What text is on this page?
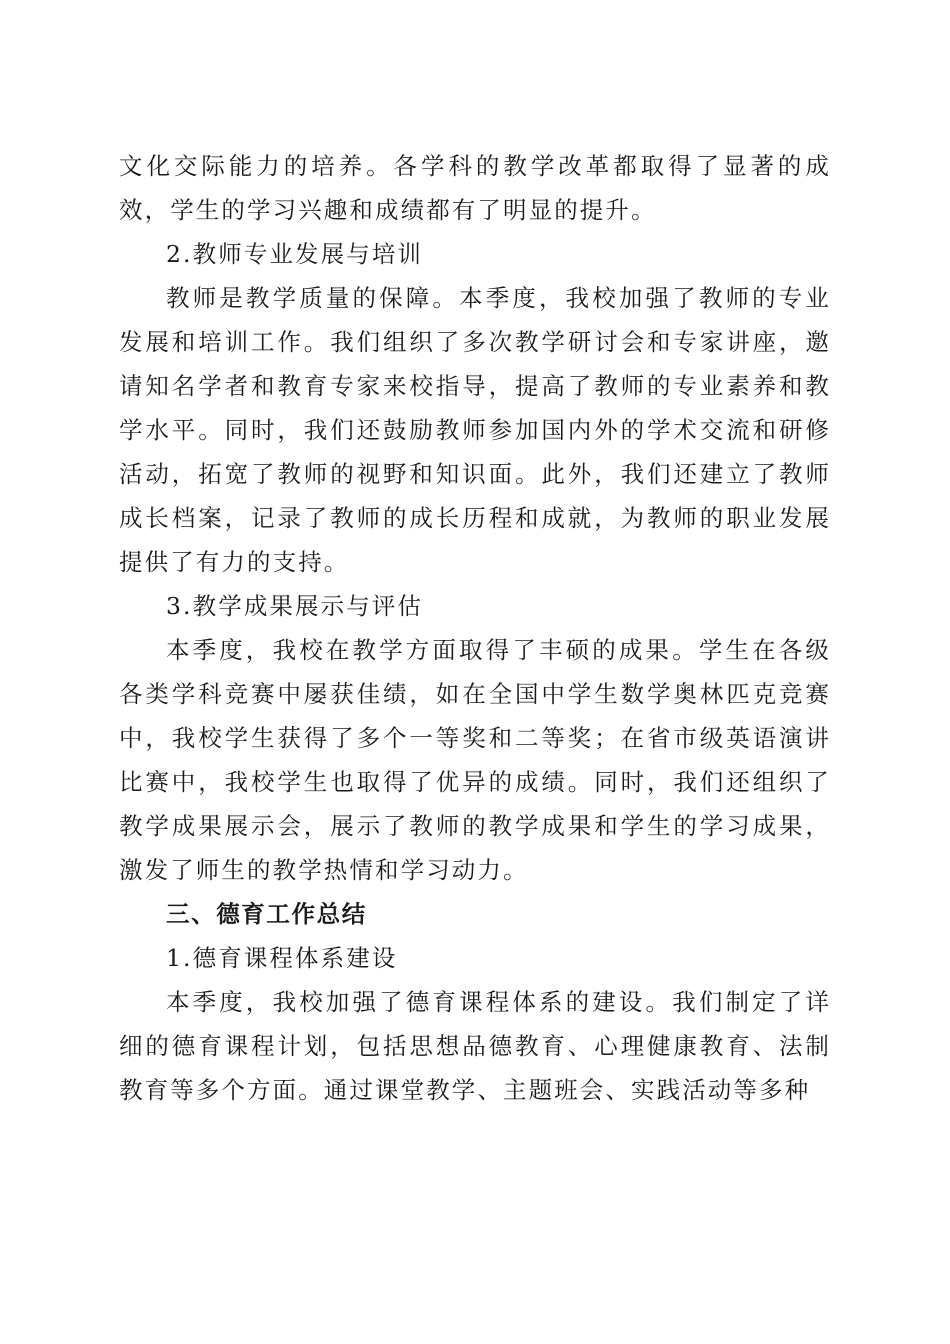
文化交际能力的培养。各学科的教学改革都取得了显著的成效，学生的学习兴趣和成绩都有了明显的提升。

2.教师专业发展与培训

教师是教学质量的保障。本季度，我校加强了教师的专业发展和培训工作。我们组织了多次教学研讨会和专家讲座，邀请知名学者和教育专家来校指导，提高了教师的专业素养和教学水平。同时，我们还鼓励教师参加国内外的学术交流和研修活动，拓宽了教师的视野和知识面。此外，我们还建立了教师成长档案，记录了教师的成长历程和成就，为教师的职业发展提供了有力的支持。

3.教学成果展示与评估

本季度，我校在教学方面取得了丰硕的成果。学生在各级各类学科竞赛中屡获佳绩，如在全国中学生数学奥林匹克竞赛中，我校学生获得了多个一等奖和二等奖；在省市级英语演讲比赛中，我校学生也取得了优异的成绩。同时，我们还组织了教学成果展示会，展示了教师的教学成果和学生的学习成果，激发了师生的教学热情和学习动力。

三、德育工作总结

1.德育课程体系建设

本季度，我校加强了德育课程体系的建设。我们制定了详细的德育课程计划，包括思想品德教育、心理健康教育、法制教育等多个方面。通过课堂教学、主题班会、实践活动等多种
